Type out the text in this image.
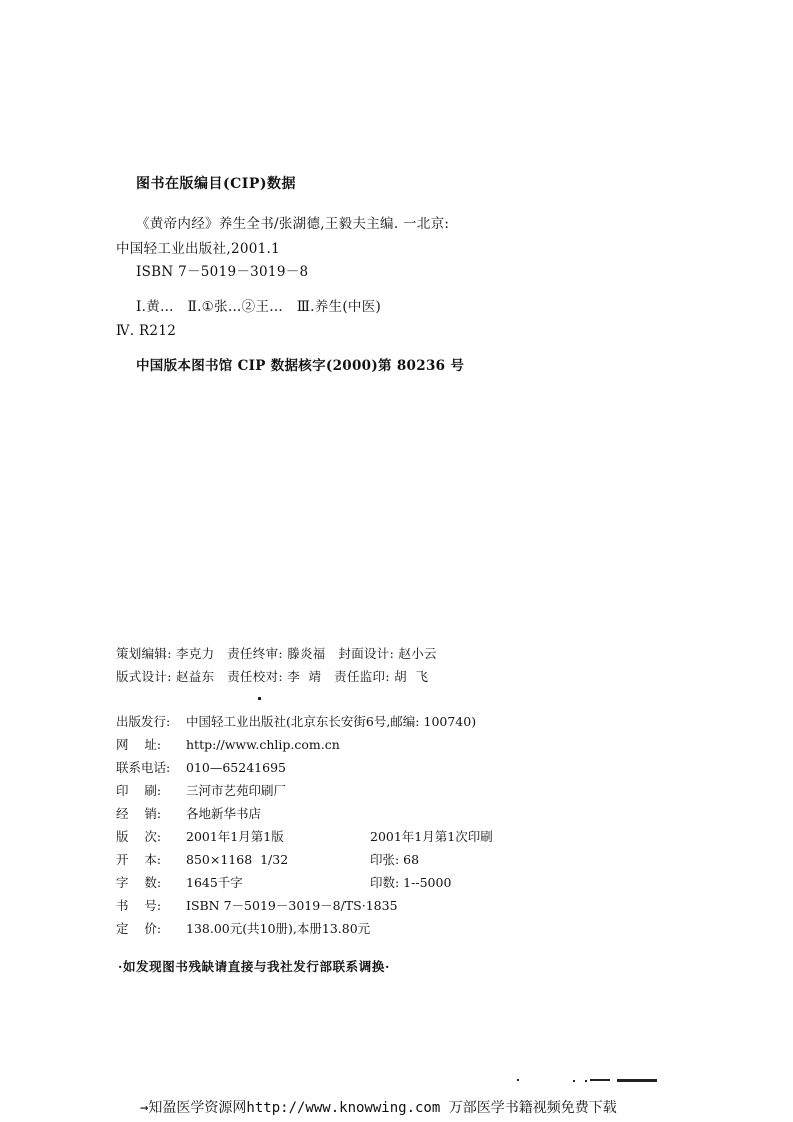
图书在版编目(CIP)数据
《黄帝内经》养生全书/张湖德,王毅夫主编. 一北京:
中国轻工业出版社,2001.1
ISBN 7－5019－3019－8
Ⅰ.黄…   Ⅱ.①张…②王…   Ⅲ.养生(中医)
Ⅳ. R212
中国版本图书馆 CIP 数据核字(2000)第 80236 号
策划编辑: 李克力   责任终审: 滕炎福   封面设计: 赵小云
版式设计: 赵益东   责任校对: 李  靖   责任监印: 胡  飞
出版发行: 中国轻工业出版社(北京东长安街6号,邮编: 100740)
网    址: http://www.chlip.com.cn
联系电话: 010—65241695
印    刷: 三河市艺苑印刷厂
经    销: 各地新华书店
版    次: 2001年1月第1版	2001年1月第1次印刷
开    本: 850×1168  1/32	印张: 68
字    数: 1645千字	印数: 1--5000
书    号: ISBN 7－5019－3019－8/TS·1835
定    价: 138.00元(共10册),本册13.80元
·如发现图书残缺请直接与我社发行部联系调换·
→知盈医学资源网http://www.knowwing.com 万部医学书籍视频免费下载
